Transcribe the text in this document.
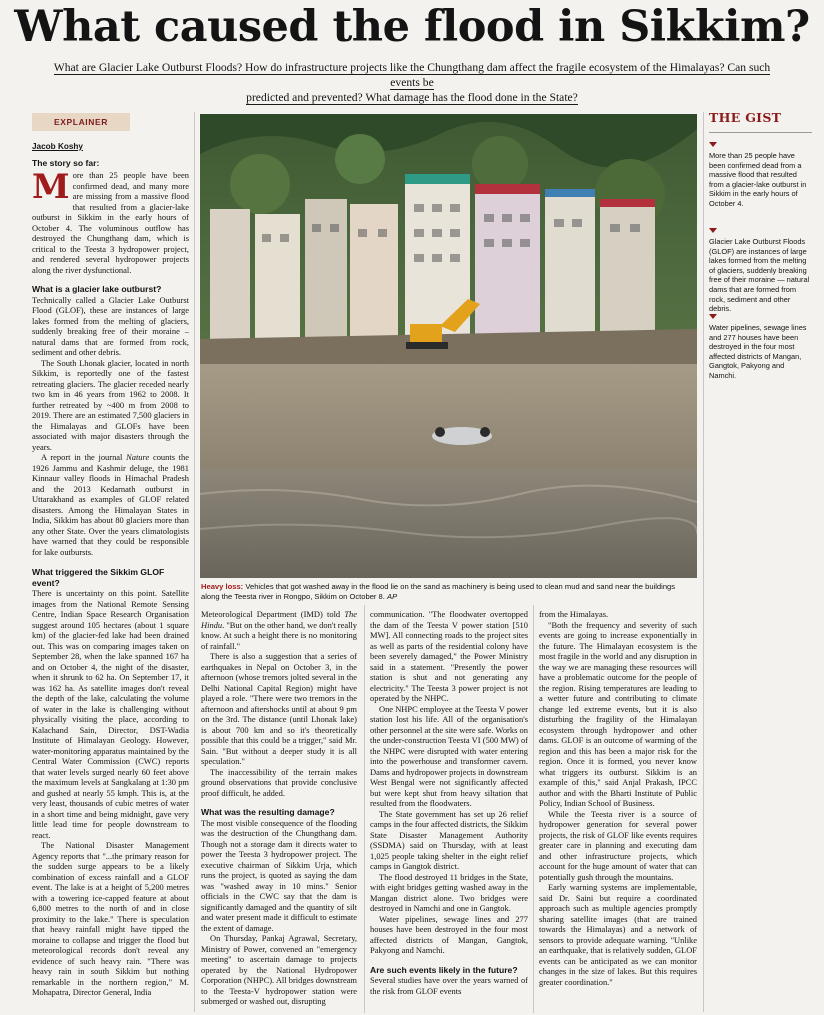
What caused the flood in Sikkim?
What are Glacier Lake Outburst Floods? How do infrastructure projects like the Chungthang dam affect the fragile ecosystem of the Himalayas? Can such events be
predicted and prevented? What damage has the flood done in the State?
EXPLAINER
Jacob Koshy
The story so far:

More than 25 people have been confirmed dead, and many more are missing from a massive flood that resulted from a glacier-lake outburst in Sikkim in the early hours of October 4. The voluminous outflow has destroyed the Chungthang dam, which is critical to the Teesta 3 hydropower project, and rendered several hydropower projects along the river dysfunctional.

What is a glacier lake outburst?

Technically called a Glacier Lake Outburst Flood (GLOF), these are instances of large lakes formed from the melting of glaciers, suddenly breaking free of their moraine – natural dams that are formed from rock, sediment and other debris.

The South Lhonak glacier, located in north Sikkim, is reportedly one of the fastest retreating glaciers. The glacier receded nearly two km in 46 years from 1962 to 2008. It further retreated by ~400 m from 2008 to 2019. There are an estimated 7,500 glaciers in the Himalayas and GLOFs have been associated with major disasters through the years.

A report in the journal Nature counts the 1926 Jammu and Kashmir deluge, the 1981 Kinnaur valley floods in Himachal Pradesh and the 2013 Kedarnath outburst in Uttarakhand as examples of GLOF related disasters. Among the Himalayan States in India, Sikkim has about 80 glaciers more than any other State. Over the years climatologists have warned that they could be responsible for lake outbursts.

What triggered the Sikkim GLOF event?

There is uncertainty on this point. Satellite images from the National Remote Sensing Centre, Indian Space Research Organisation suggest around 105 hectares (about 1 square km) of the glacier-fed lake had been drained out. This was on comparing images taken on September 28, when the lake spanned 167 ha and on October 4, the night of the disaster, when it shrunk to 62 ha. On September 17, it was 162 ha. As satellite images don't reveal the depth of the lake, calculating the volume of water in the lake is challenging without physically visiting the place, according to Kalachand Sain, Director, DST-Wadia Institute of Himalayan Geology. However, water-monitoring apparatus maintained by the Central Water Commission (CWC) reports that water levels surged nearly 60 feet above the maximum levels at Sangkalang at 1:30 pm and gushed at nearly 55 kmph. This is, at the very least, thousands of cubic metres of water in a short time and being midnight, gave very little lead time for people downstream to react.

The National Disaster Management Agency reports that "...the primary reason for the sudden surge appears to be a likely combination of excess rainfall and a GLOF event. The lake is at a height of 5,200 metres with a towering ice-capped feature at about 6,800 metres to the north of and in close proximity to the lake." There is speculation that heavy rainfall might have tipped the moraine to collapse and trigger the flood but meteorological records don't reveal any evidence of such heavy rain. "There was heavy rain in south Sikkim but nothing remarkable in the northern region," M. Mohapatra, Director General, India

Heavy loss: Vehicles that got washed away in the flood lie on the sand as machinery is being used to clean mud and sand near the buildings along the Teesta river in Rongpo, Sikkim on October 8. AP

Meteorological Department (IMD) told The Hindu. "But on the other hand, we don't really know. At such a height there is no monitoring of rainfall."

There is also a suggestion that a series of earthquakes in Nepal on October 3, in the afternoon (whose tremors jolted several in the Delhi National Capital Region) might have played a role. "There were two tremors in the afternoon and aftershocks until at about 9 pm on the 3rd. The distance (until Lhonak lake) is about 700 km and so it's theoretically possible that this could be a trigger," said Mr. Sain. "But without a deeper study it is all speculation."

The inaccessibility of the terrain makes ground observations that provide conclusive proof difficult, he added.

What was the resulting damage?

The most visible consequence of the flooding was the destruction of the Chungthang dam. Though not a storage dam it directs water to power the Teesta 3 hydropower project. The executive chairman of Sikkim Urja, which runs the project, is quoted as saying the dam was "washed away in 10 mins." Senior officials in the CWC say that the dam is significantly damaged and the quantity of silt and water present made it difficult to estimate the extent of damage.

On Thursday, Pankaj Agrawal, Secretary, Ministry of Power, convened an "emergency meeting" to ascertain damage to projects operated by the National Hydropower Corporation (NHPC). All bridges downstream to the Teesta-V hydropower station were submerged or washed out, disrupting

communication. "The floodwater overtopped the dam of the Teesta V power station [510 MW]. All connecting roads to the project sites as well as parts of the residential colony have been severely damaged," the Power Ministry said in a statement. "Presently the power station is shut and not generating any electricity." The Teesta 3 power project is not operated by the NHPC.

One NHPC employee at the Teesta V power station lost his life. All of the organisation's other personnel at the site were safe. Works on the under-construction Teesta VI (500 MW) of the NHPC were disrupted with water entering into the powerhouse and transformer cavern. Dams and hydropower projects in downstream West Bengal were not significantly affected but were kept shut from heavy siltation that resulted from the floodwaters.

The State government has set up 26 relief camps in the four affected districts, the Sikkim State Disaster Management Authority (SSDMA) said on Thursday, with at least 1,025 people taking shelter in the eight relief camps in Gangtok district.

The flood destroyed 11 bridges in the State, with eight bridges getting washed away in the Mangan district alone. Two bridges were destroyed in Namchi and one in Gangtok.

Water pipelines, sewage lines and 277 houses have been destroyed in the four most affected districts of Mangan, Gangtok, Pakyong and Namchi.

Are such events likely in the future?

Several studies have over the years warned of the risk from GLOF events

from the Himalayas.

"Both the frequency and severity of such events are going to increase exponentially in the future. The Himalayan ecosystem is the most fragile in the world and any disruption in the way we are managing these resources will have a problematic outcome for the people of the region. Rising temperatures are leading to a wetter future and contributing to climate change led extreme events, but it is also disturbing the fragility of the Himalayan ecosystem through hydropower and other dams. GLOF is an outcome of warming of the region and this has been a major risk for the region. Once it is formed, you never know what triggers its outburst. Sikkim is an example of this," said Anjal Prakash, IPCC author and with the Bharti Institute of Public Policy, Indian School of Business.

While the Teesta river is a source of hydropower generation for several power projects, the risk of GLOF like events requires greater care in planning and executing dam and other infrastructure projects, which account for the huge amount of water that can potentially gush through the mountains.

Early warning systems are implementable, said Dr. Saini but require a coordinated approach such as multiple agencies promptly sharing satellite images (that are trained towards the Himalayas) and a network of sensors to provide adequate warning. "Unlike an earthquake, that is relatively sudden, GLOF events can be anticipated as we can monitor changes in the size of lakes. But this requires greater coordination."

THE GIST
More than 25 people have been confirmed dead from a massive flood that resulted from a glacier-lake outburst in Sikkim in the early hours of October 4.
Glacier Lake Outburst Floods (GLOF) are instances of large lakes formed from the melting of glaciers, suddenly breaking free of their moraine — natural dams that are formed from rock, sediment and other debris.
Water pipelines, sewage lines and 277 houses have been destroyed in the four most affected districts of Mangan, Gangtok, Pakyong and Namchi.
